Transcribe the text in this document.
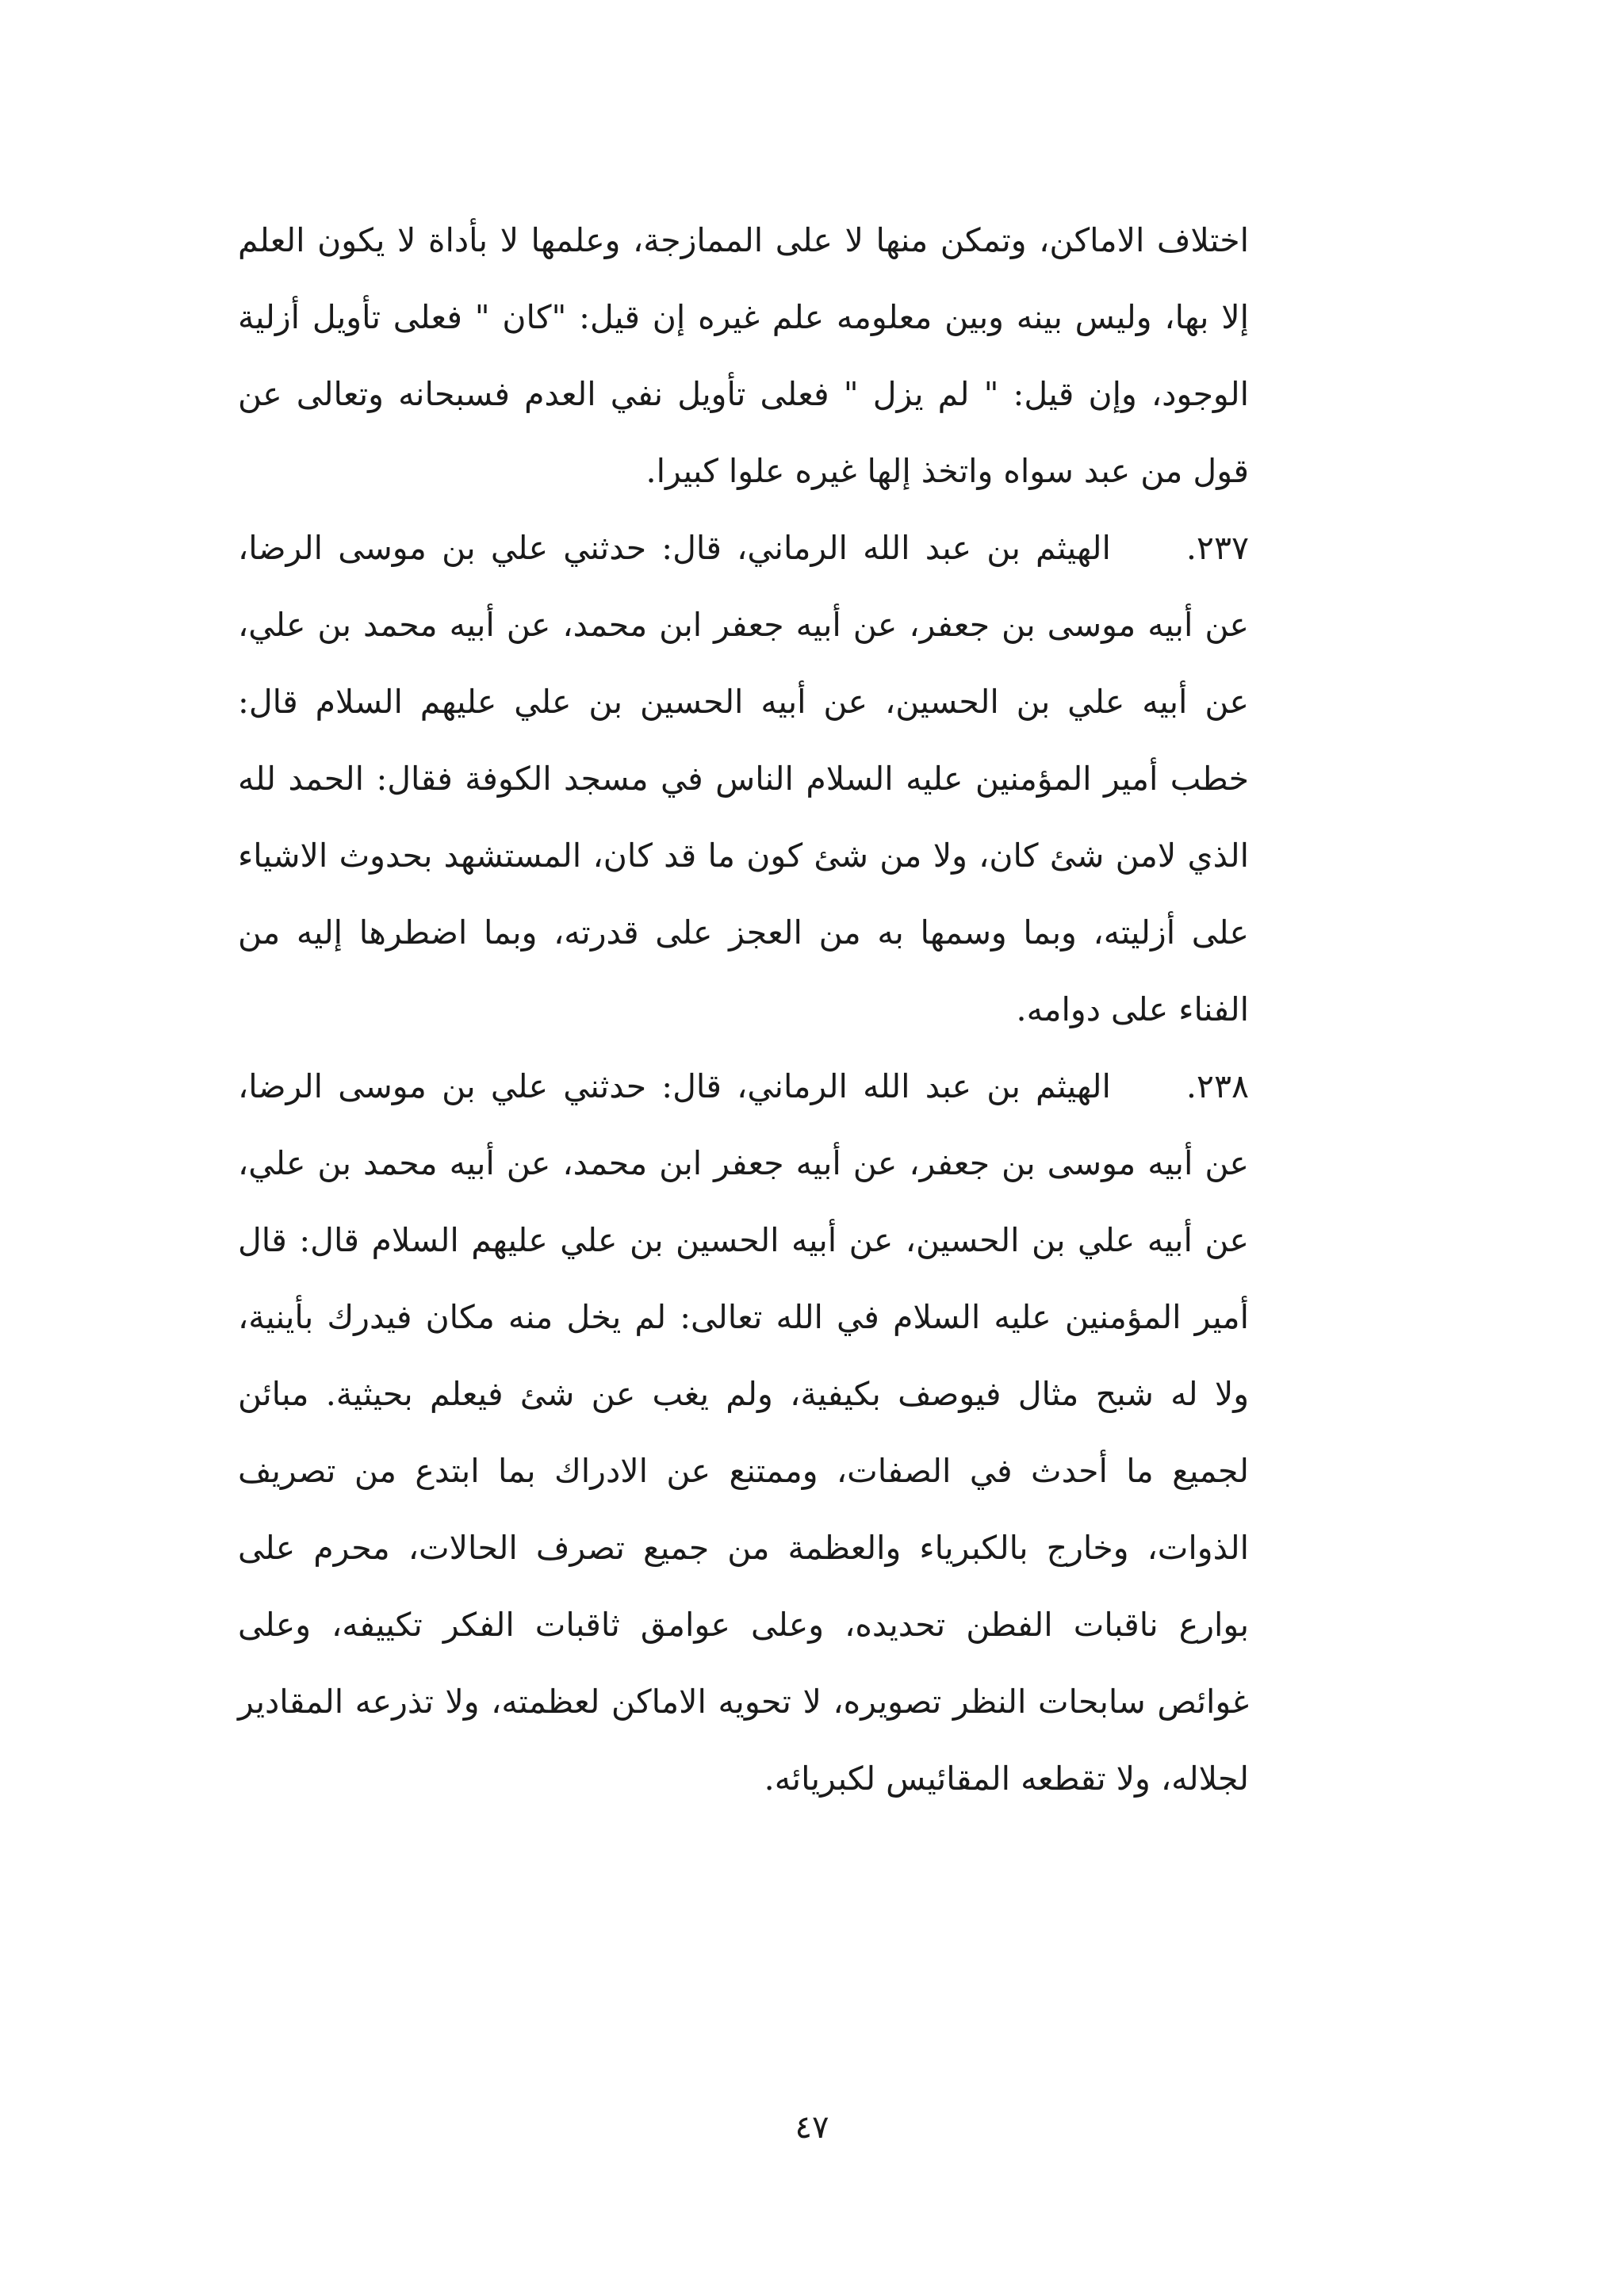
اختلاف الاماكن، وتمكن منها لا على الممازجة، وعلمها لا بأداة لا يكون العلم إلا بها، وليس بينه وبين معلومه علم غيره إن قيل: "كان " فعلى تأويل أزلية الوجود، وإن قيل: " لم يزل " فعلى تأويل نفي العدم فسبحانه وتعالى عن قول من عبد سواه واتخذ إلها غيره علوا كبيرا.

٢٣٧.الهيثم بن عبد الله الرماني، قال: حدثني علي بن موسى الرضا، عن أبيه موسى بن جعفر، عن أبيه جعفر ابن محمد، عن أبيه محمد بن علي، عن أبيه علي بن الحسين، عن أبيه الحسين بن علي عليهم السلام قال: خطب أمير المؤمنين عليه السلام الناس في مسجد الكوفة فقال: الحمد لله الذي لامن شئ كان، ولا من شئ كون ما قد كان، المستشهد بحدوث الاشياء على أزليته، وبما وسمها به من العجز على قدرته، وبما اضطرها إليه من الفناء على دوامه.

٢٣٨.الهيثم بن عبد الله الرماني، قال: حدثني علي بن موسى الرضا، عن أبيه موسى بن جعفر، عن أبيه جعفر ابن محمد، عن أبيه محمد بن علي، عن أبيه علي بن الحسين، عن أبيه الحسين بن علي عليهم السلام قال: قال أمير المؤمنين عليه السلام في الله تعالى: لم يخل منه مكان فيدرك بأينية، ولا له شبح مثال فيوصف بكيفية، ولم يغب عن شئ فيعلم بحيثية. مبائن لجميع ما أحدث في الصفات، وممتنع عن الادراك بما ابتدع من تصريف الذوات، وخارج بالكبرياء والعظمة من جميع تصرف الحالات، محرم على بوارع ناقبات الفطن تحديده، وعلى عوامق ثاقبات الفكر تكييفه، وعلى غوائص سابحات النظر تصويره، لا تحويه الاماكن لعظمته، ولا تذرعه المقادير لجلاله، ولا تقطعه المقائيس لكبريائه.

٤٧
